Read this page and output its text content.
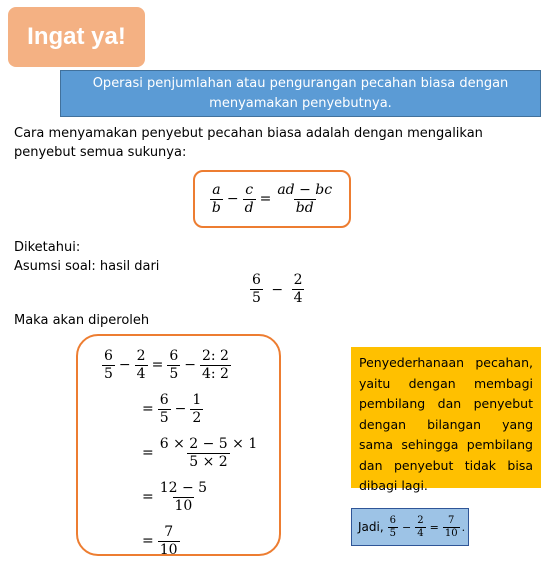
Ingat ya!
Operasi penjumlahan atau pengurangan pecahan biasa dengan menyamakan penyebutnya.
Cara menyamakan penyebut pecahan biasa adalah dengan mengalikan penyebut semua sukunya:
$\frac{a}{b} - \frac{c}{d} = \frac{ad - bc}{bd}$
Diketahui:
Asumsi soal: hasil dari
$\frac{6}{5} - \frac{2}{4}$
Maka akan diperoleh
$\frac{6}{5} - \frac{2}{4} = \frac{6}{5} - \frac{2: 2}{4: 2}$
= $\frac{6}{5} - \frac{1}{2}$
= $\frac{6 \times 2 - 5 \times 1}{5 \times 2}$
= $\frac{12 - 5}{10}$
= $\frac{7}{10}$
Penyederhanaan pecahan, yaitu dengan membagi pembilang dan penyebut dengan bilangan yang sama sehingga pembilang dan penyebut tidak bisa dibagi lagi.
Jadi, $\frac{6}{5} - \frac{2}{4} = \frac{7}{10}$ .
